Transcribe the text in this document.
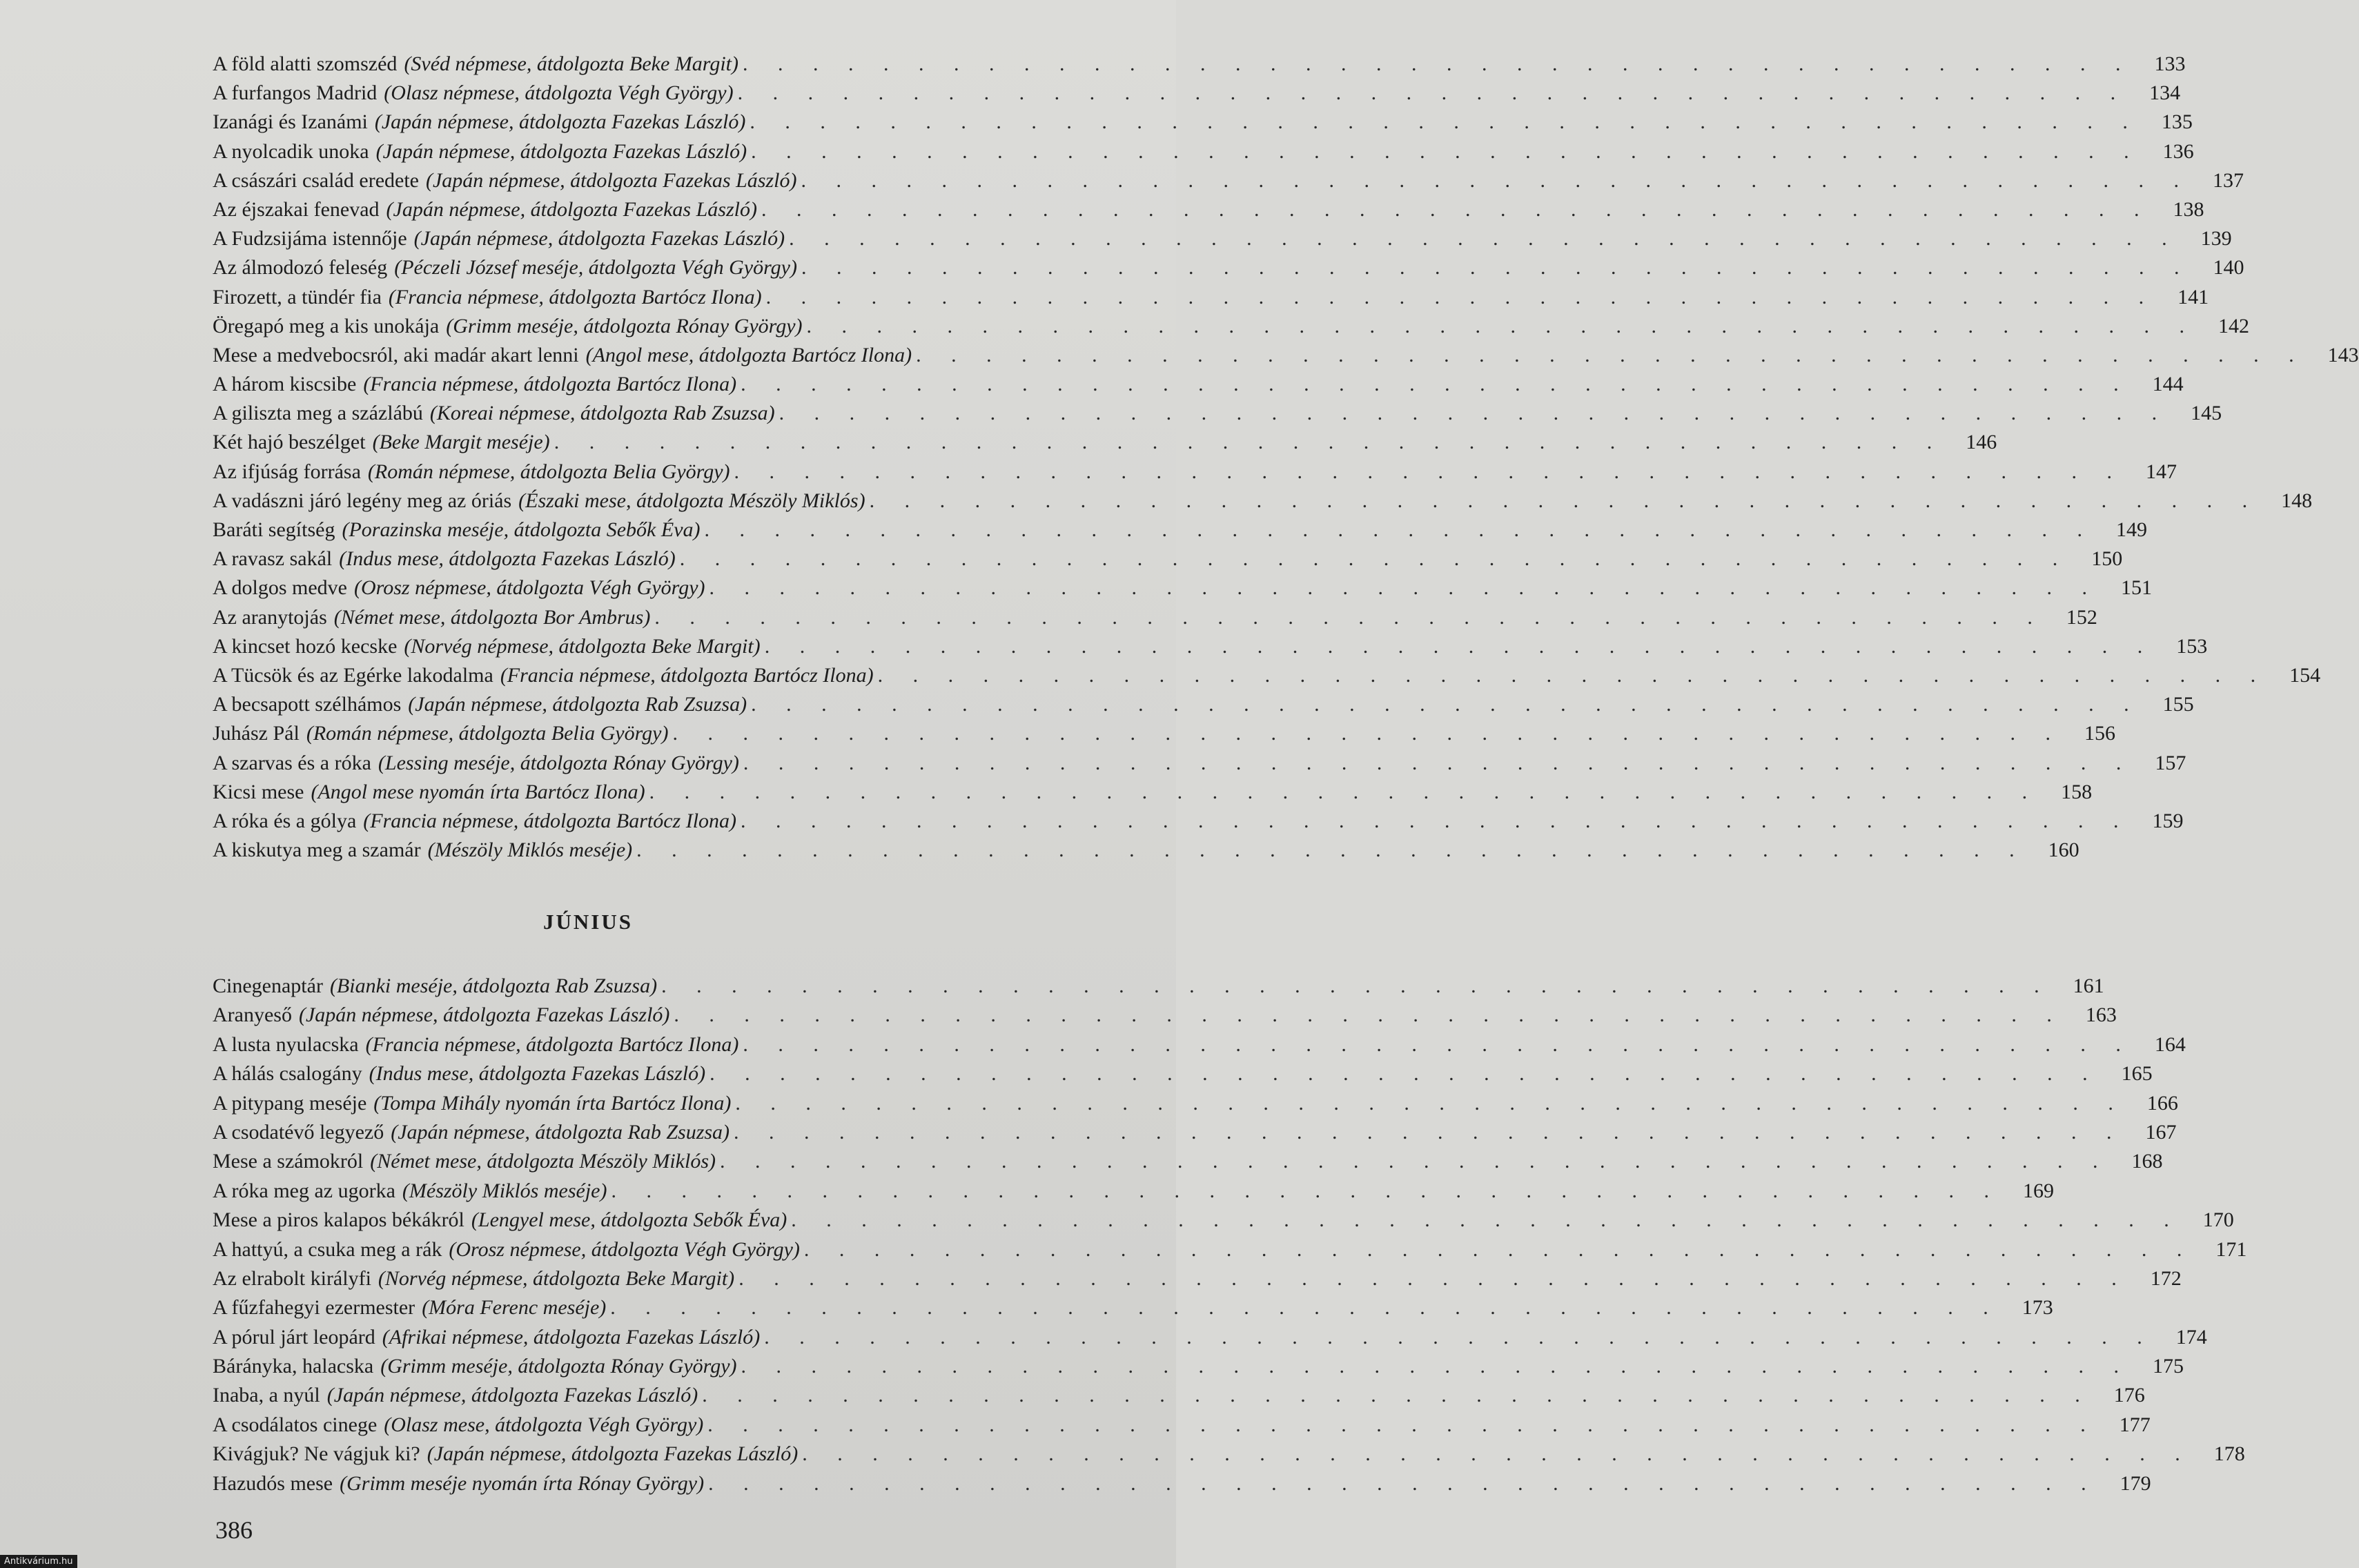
A föld alatti szomszéd (Svéd népmese, átdolgozta Beke Margit) . . . . . . . . . . . . . . . . . . . . . . . . . . . . . . . . . . . . . . . .	133
A furfangos Madrid (Olasz népmese, átdolgozta Végh György) . . . . . . . . . . . . . . . . . . . . . . . . . . . . . . . . . . . . . . . .	134
Izanági és Izanámi (Japán népmese, átdolgozta Fazekas László) . . . . . . . . . . . . . . . . . . . . . . . . . . . . . . . . . . . . . . . .	135
A nyolcadik unoka (Japán népmese, átdolgozta Fazekas László) . . . . . . . . . . . . . . . . . . . . . . . . . . . . . . . . . . . . . . . .	136
A császári család eredete (Japán népmese, átdolgozta Fazekas László) . . . . . . . . . . . . . . . . . . . . . . . . . . . . . . . . . . . . . . . .	137
Az éjszakai fenevad (Japán népmese, átdolgozta Fazekas László) . . . . . . . . . . . . . . . . . . . . . . . . . . . . . . . . . . . . . . . .	138
A Fudzsijáma istennője (Japán népmese, átdolgozta Fazekas László) . . . . . . . . . . . . . . . . . . . . . . . . . . . . . . . . . . . . . . . .	139
Az álmodozó feleség (Péczeli József meséje, átdolgozta Végh György) . . . . . . . . . . . . . . . . . . . . . . . . . . . . . . . . . . . . . . . .	140
Firozett, a tündér fia (Francia népmese, átdolgozta Bartócz Ilona) . . . . . . . . . . . . . . . . . . . . . . . . . . . . . . . . . . . . . . . .	141
Öregapó meg a kis unokája (Grimm meséje, átdolgozta Rónay György) . . . . . . . . . . . . . . . . . . . . . . . . . . . . . . . . . . . . . . . .	142
Mese a medvebocsról, aki madár akart lenni (Angol mese, átdolgozta Bartócz Ilona) . . . . . . . . . . . . . . . . . . . . . . . . . . . . . . . . . . . . . . . .	143
A három kiscsibe (Francia népmese, átdolgozta Bartócz Ilona) . . . . . . . . . . . . . . . . . . . . . . . . . . . . . . . . . . . . . . . .	144
A giliszta meg a százlábú (Koreai népmese, átdolgozta Rab Zsuzsa) . . . . . . . . . . . . . . . . . . . . . . . . . . . . . . . . . . . . . . . .	145
Két hajó beszélget (Beke Margit meséje) . . . . . . . . . . . . . . . . . . . . . . . . . . . . . . . . . . . . . . . .	146
Az ifjúság forrása (Román népmese, átdolgozta Belia György) . . . . . . . . . . . . . . . . . . . . . . . . . . . . . . . . . . . . . . . .	147
A vadászni járó legény meg az óriás (Északi mese, átdolgozta Mészöly Miklós) . . . . . . . . . . . . . . . . . . . . . . . . . . . . . . . . . . . . . . . .	148
Baráti segítség (Porazinska meséje, átdolgozta Sebők Éva) . . . . . . . . . . . . . . . . . . . . . . . . . . . . . . . . . . . . . . . .	149
A ravasz sakál (Indus mese, átdolgozta Fazekas László) . . . . . . . . . . . . . . . . . . . . . . . . . . . . . . . . . . . . . . . .	150
A dolgos medve (Orosz népmese, átdolgozta Végh György) . . . . . . . . . . . . . . . . . . . . . . . . . . . . . . . . . . . . . . . .	151
Az aranytojás (Német mese, átdolgozta Bor Ambrus) . . . . . . . . . . . . . . . . . . . . . . . . . . . . . . . . . . . . . . . .	152
A kincset hozó kecske (Norvég népmese, átdolgozta Beke Margit) . . . . . . . . . . . . . . . . . . . . . . . . . . . . . . . . . . . . . . . .	153
A Tücsök és az Egérke lakodalma (Francia népmese, átdolgozta Bartócz Ilona) . . . . . . . . . . . . . . . . . . . . . . . . . . . . . . . . . . . . . . . .	154
A becsapott szélhámos (Japán népmese, átdolgozta Rab Zsuzsa) . . . . . . . . . . . . . . . . . . . . . . . . . . . . . . . . . . . . . . . .	155
Juhász Pál (Román népmese, átdolgozta Belia György) . . . . . . . . . . . . . . . . . . . . . . . . . . . . . . . . . . . . . . . .	156
A szarvas és a róka (Lessing meséje, átdolgozta Rónay György) . . . . . . . . . . . . . . . . . . . . . . . . . . . . . . . . . . . . . . . .	157
Kicsi mese (Angol mese nyomán írta Bartócz Ilona) . . . . . . . . . . . . . . . . . . . . . . . . . . . . . . . . . . . . . . . .	158
A róka és a gólya (Francia népmese, átdolgozta Bartócz Ilona) . . . . . . . . . . . . . . . . . . . . . . . . . . . . . . . . . . . . . . . .	159
A kiskutya meg a szamár (Mészöly Miklós meséje) . . . . . . . . . . . . . . . . . . . . . . . . . . . . . . . . . . . . . . . .	160
JÚNIUS
Cinegenaptár (Bianki meséje, átdolgozta Rab Zsuzsa) . . . . . . . . . . . . . . . . . . . . . . . . . . . . . . . . . . . . . . . .	161
Aranyeső (Japán népmese, átdolgozta Fazekas László) . . . . . . . . . . . . . . . . . . . . . . . . . . . . . . . . . . . . . . . .	163
A lusta nyulacska (Francia népmese, átdolgozta Bartócz Ilona) . . . . . . . . . . . . . . . . . . . . . . . . . . . . . . . . . . . . . . . .	164
A hálás csalogány (Indus mese, átdolgozta Fazekas László) . . . . . . . . . . . . . . . . . . . . . . . . . . . . . . . . . . . . . . . .	165
A pitypang meséje (Tompa Mihály nyomán írta Bartócz Ilona) . . . . . . . . . . . . . . . . . . . . . . . . . . . . . . . . . . . . . . . .	166
A csodatévő legyező (Japán népmese, átdolgozta Rab Zsuzsa) . . . . . . . . . . . . . . . . . . . . . . . . . . . . . . . . . . . . . . . .	167
Mese a számokról (Német mese, átdolgozta Mészöly Miklós) . . . . . . . . . . . . . . . . . . . . . . . . . . . . . . . . . . . . . . . .	168
A róka meg az ugorka (Mészöly Miklós meséje) . . . . . . . . . . . . . . . . . . . . . . . . . . . . . . . . . . . . . . . .	169
Mese a piros kalapos békákról (Lengyel mese, átdolgozta Sebők Éva) . . . . . . . . . . . . . . . . . . . . . . . . . . . . . . . . . . . . . . . .	170
A hattyú, a csuka meg a rák (Orosz népmese, átdolgozta Végh György) . . . . . . . . . . . . . . . . . . . . . . . . . . . . . . . . . . . . . . . .	171
Az elrabolt királyfi (Norvég népmese, átdolgozta Beke Margit) . . . . . . . . . . . . . . . . . . . . . . . . . . . . . . . . . . . . . . . .	172
A fűzfahegyi ezermester (Móra Ferenc meséje) . . . . . . . . . . . . . . . . . . . . . . . . . . . . . . . . . . . . . . . .	173
A pórul járt leopárd (Afrikai népmese, átdolgozta Fazekas László) . . . . . . . . . . . . . . . . . . . . . . . . . . . . . . . . . . . . . . . .	174
Bárányka, halacska (Grimm meséje, átdolgozta Rónay György) . . . . . . . . . . . . . . . . . . . . . . . . . . . . . . . . . . . . . . . .	175
Inaba, a nyúl (Japán népmese, átdolgozta Fazekas László) . . . . . . . . . . . . . . . . . . . . . . . . . . . . . . . . . . . . . . . .	176
A csodálatos cinege (Olasz mese, átdolgozta Végh György) . . . . . . . . . . . . . . . . . . . . . . . . . . . . . . . . . . . . . . . .	177
Kivágjuk? Ne vágjuk ki? (Japán népmese, átdolgozta Fazekas László) . . . . . . . . . . . . . . . . . . . . . . . . . . . . . . . . . . . . . . . .	178
Hazudós mese (Grimm meséje nyomán írta Rónay György) . . . . . . . . . . . . . . . . . . . . . . . . . . . . . . . . . . . . . . . .	179
386
Antikvárium.hu
